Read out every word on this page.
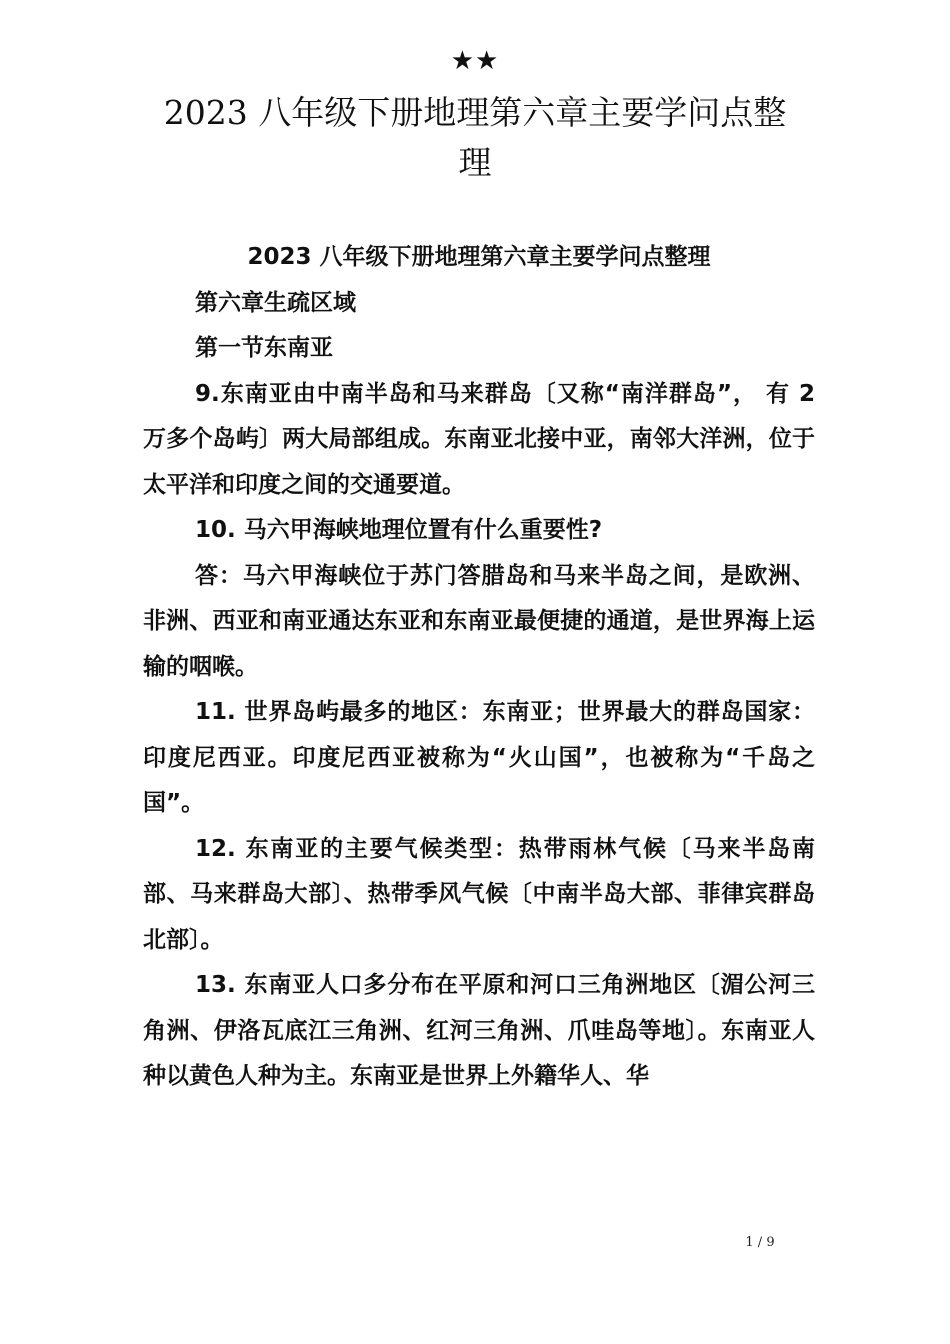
★★
2023 八年级下册地理第六章主要学问点整理

2023 八年级下册地理第六章主要学问点整理

第六章生疏区域

第一节东南亚

9.东南亚由中南半岛和马来群岛〔又称“南洋群岛”， 有 2 万多个岛屿〕两大局部组成。东南亚北接中亚，南邻大洋洲，位于太平洋和印度之间的交通要道。

10. 马六甲海峡地理位置有什么重要性?

答：马六甲海峡位于苏门答腊岛和马来半岛之间，是欧洲、非洲、西亚和南亚通达东亚和东南亚最便捷的通道，是世界海上运输的咽喉。

11. 世界岛屿最多的地区：东南亚；世界最大的群岛国家：印度尼西亚。印度尼西亚被称为“火山国”，也被称为“千岛之国”。

12. 东南亚的主要气候类型：热带雨林气候〔马来半岛南部、马来群岛大部〕、热带季风气候〔中南半岛大部、菲律宾群岛北部〕。

13. 东南亚人口多分布在平原和河口三角洲地区〔湄公河三角洲、伊洛瓦底江三角洲、红河三角洲、爪哇岛等地〕。东南亚人种以黄色人种为主。东南亚是世界上外籍华人、华

1 / 9
